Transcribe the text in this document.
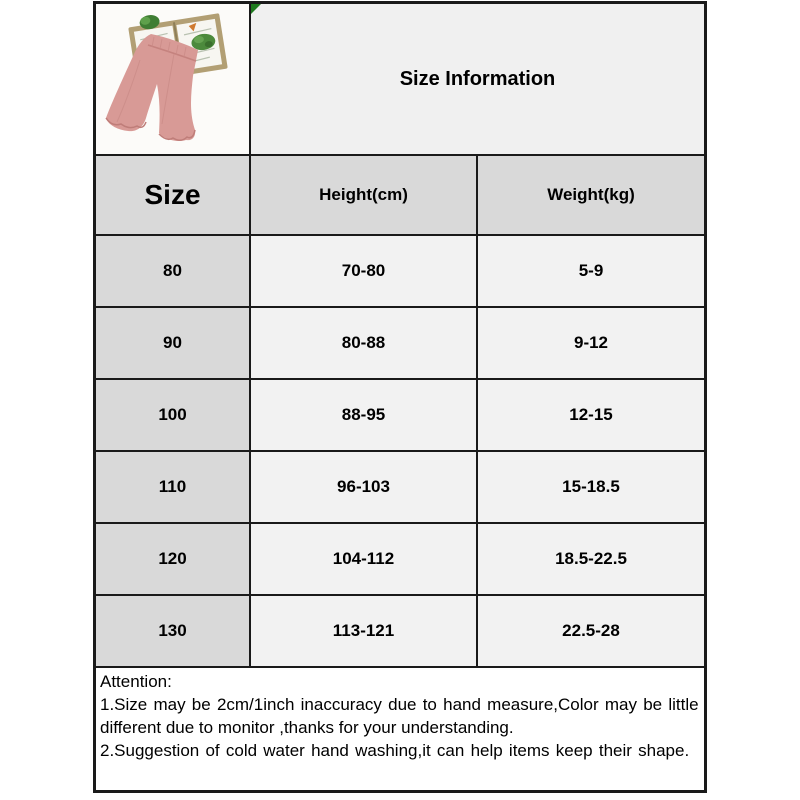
Size Information
Size	Height(cm)	Weight(kg)
80	70-80	5-9
90	80-88	9-12
100	88-95	12-15
110	96-103	15-18.5
120	104-112	18.5-22.5
130	113-121	22.5-28
Attention:
1.Size may be 2cm/1inch inaccuracy due to hand measure,Color may be little
different due to monitor ,thanks for your understanding.
2.Suggestion of cold water hand washing,it can help items keep their shape.
